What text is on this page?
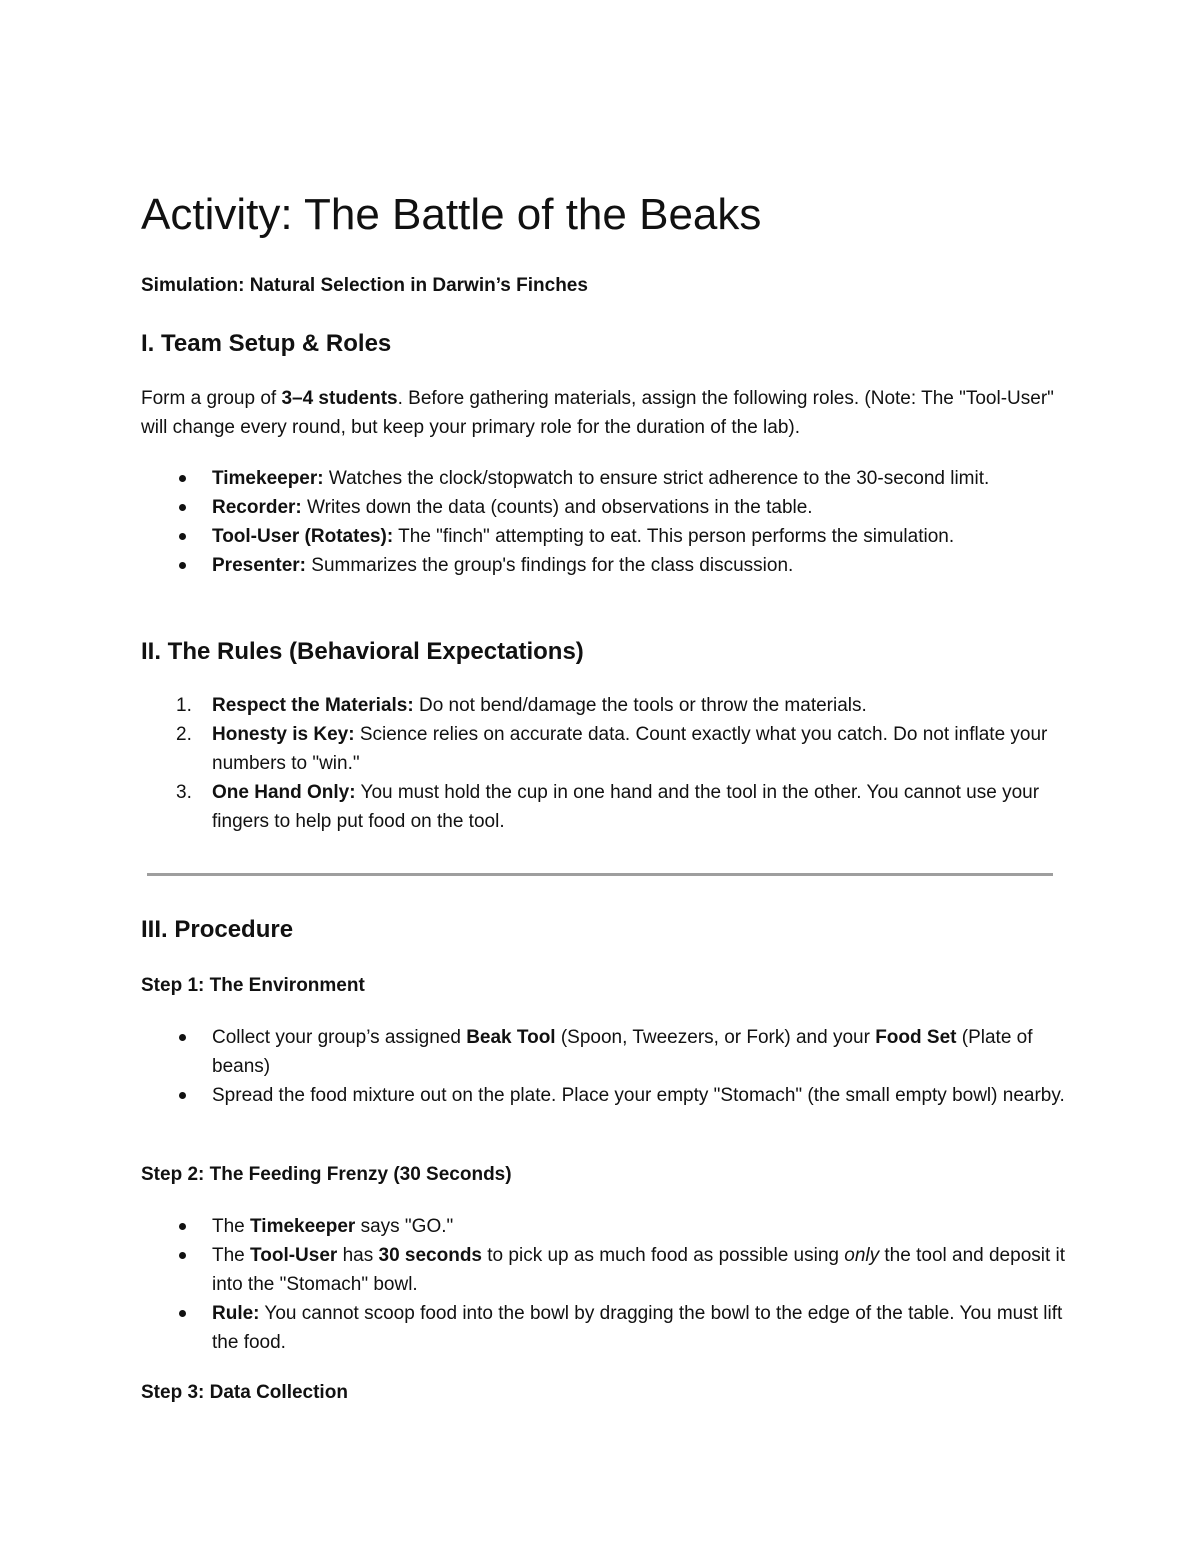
Activity: The Battle of the Beaks
Simulation: Natural Selection in Darwin’s Finches
I. Team Setup & Roles
Form a group of 3–4 students. Before gathering materials, assign the following roles. (Note: The "Tool-User" will change every round, but keep your primary role for the duration of the lab).
Timekeeper: Watches the clock/stopwatch to ensure strict adherence to the 30-second limit.
Recorder: Writes down the data (counts) and observations in the table.
Tool-User (Rotates): The "finch" attempting to eat. This person performs the simulation.
Presenter: Summarizes the group's findings for the class discussion.
II. The Rules (Behavioral Expectations)
1. Respect the Materials: Do not bend/damage the tools or throw the materials.
2. Honesty is Key: Science relies on accurate data. Count exactly what you catch. Do not inflate your numbers to "win."
3. One Hand Only: You must hold the cup in one hand and the tool in the other. You cannot use your fingers to help put food on the tool.
III. Procedure
Step 1: The Environment
Collect your group’s assigned Beak Tool (Spoon, Tweezers, or Fork) and your Food Set (Plate of beans)
Spread the food mixture out on the plate. Place your empty "Stomach" (the small empty bowl) nearby.
Step 2: The Feeding Frenzy (30 Seconds)
The Timekeeper says "GO."
The Tool-User has 30 seconds to pick up as much food as possible using only the tool and deposit it into the "Stomach" bowl.
Rule: You cannot scoop food into the bowl by dragging the bowl to the edge of the table. You must lift the food.
Step 3: Data Collection
